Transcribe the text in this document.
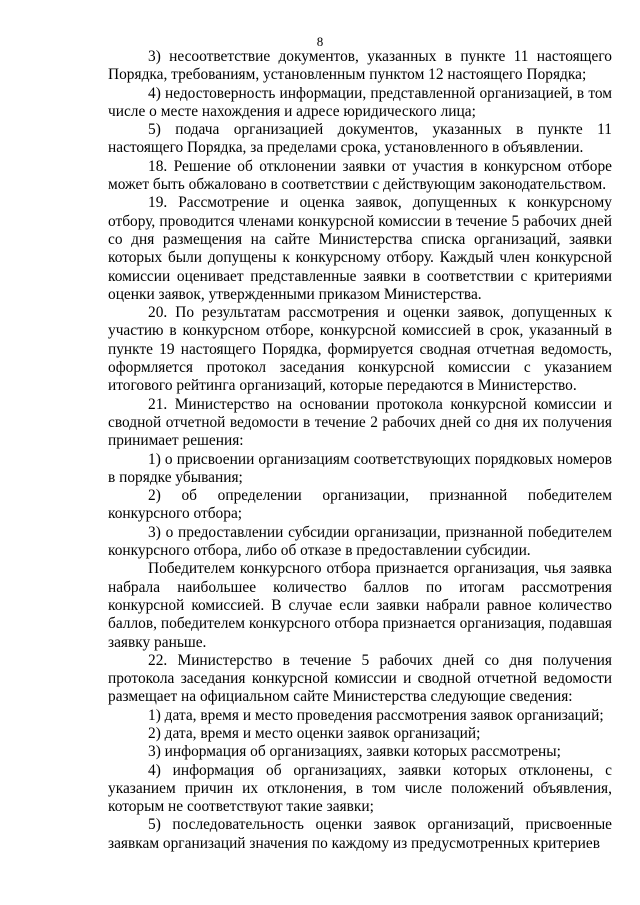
8

3) несоответствие документов, указанных в пункте 11 настоящего Порядка, требованиям, установленным пунктом 12 настоящего Порядка;

4) недостоверность информации, представленной организацией, в том числе о месте нахождения и адресе юридического лица;

5) подача организацией документов, указанных в пункте 11 настоящего Порядка, за пределами срока, установленного в объявлении.

18. Решение об отклонении заявки от участия в конкурсном отборе может быть обжаловано в соответствии с действующим законодательством.

19. Рассмотрение и оценка заявок, допущенных к конкурсному отбору, проводится членами конкурсной комиссии в течение 5 рабочих дней со дня размещения на сайте Министерства списка организаций, заявки которых были допущены к конкурсному отбору. Каждый член конкурсной комиссии оценивает представленные заявки в соответствии с критериями оценки заявок, утвержденными приказом Министерства.

20. По результатам рассмотрения и оценки заявок, допущенных к участию в конкурсном отборе, конкурсной комиссией в срок, указанный в пункте 19 настоящего Порядка, формируется сводная отчетная ведомость, оформляется протокол заседания конкурсной комиссии с указанием итогового рейтинга организаций, которые передаются в Министерство.

21. Министерство на основании протокола конкурсной комиссии и сводной отчетной ведомости в течение 2 рабочих дней со дня их получения принимает решения:

1) о присвоении организациям соответствующих порядковых номеров в порядке убывания;

2) об определении организации, признанной победителем конкурсного отбора;

3) о предоставлении субсидии организации, признанной победителем конкурсного отбора, либо об отказе в предоставлении субсидии.

Победителем конкурсного отбора признается организация, чья заявка набрала наибольшее количество баллов по итогам рассмотрения конкурсной комиссией. В случае если заявки набрали равное количество баллов, победителем конкурсного отбора признается организация, подавшая заявку раньше.

22. Министерство в течение 5 рабочих дней со дня получения протокола заседания конкурсной комиссии и сводной отчетной ведомости размещает на официальном сайте Министерства следующие сведения:

1) дата, время и место проведения рассмотрения заявок организаций;

2) дата, время и место оценки заявок организаций;

3) информация об организациях, заявки которых рассмотрены;

4) информация об организациях, заявки которых отклонены, с указанием причин их отклонения, в том числе положений объявления, которым не соответствуют такие заявки;

5) последовательность оценки заявок организаций, присвоенные заявкам организаций значения по каждому из предусмотренных критериев
